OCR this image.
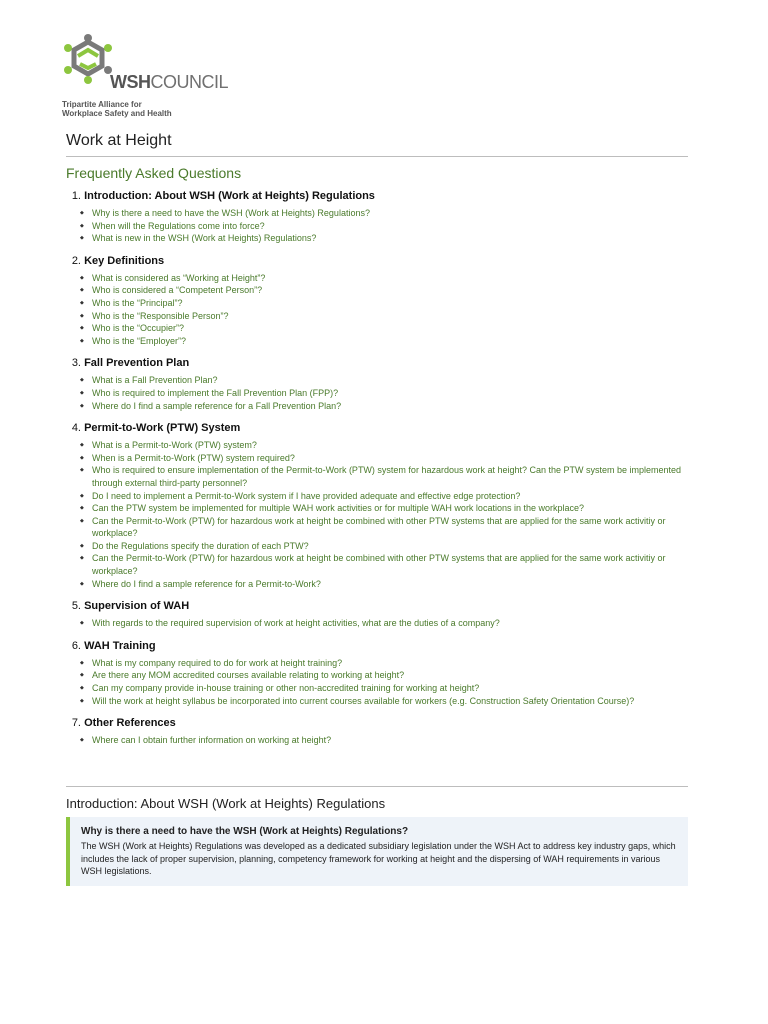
WSHCOUNCIL
Tripartite Alliance for
Workplace Safety and Health
Work at Height
Frequently Asked Questions
1. Introduction: About WSH (Work at Heights) Regulations
◆ Why is there a need to have the WSH (Work at Heights) Regulations?
◆ When will the Regulations come into force?
◆ What is new in the WSH (Work at Heights) Regulations?
2. Key Definitions
◆ What is considered as “Working at Height”?
◆ Who is considered a “Competent Person”?
◆ Who is the “Principal”?
◆ Who is the “Responsible Person”?
◆ Who is the “Occupier”?
◆ Who is the “Employer”?
3. Fall Prevention Plan
◆ What is a Fall Prevention Plan?
◆ Who is required to implement the Fall Prevention Plan (FPP)?
◆ Where do I find a sample reference for a Fall Prevention Plan?
4. Permit-to-Work (PTW) System
◆ What is a Permit-to-Work (PTW) system?
◆ When is a Permit-to-Work (PTW) system required?
◆ Who is required to ensure implementation of the Permit-to-Work (PTW) system for hazardous work at height? Can the PTW system be implemented through external third-party personnel?
◆ Do I need to implement a Permit-to-Work system if I have provided adequate and effective edge protection?
◆ Can the PTW system be implemented for multiple WAH work activities or for multiple WAH work locations in the workplace?
◆ Can the Permit-to-Work (PTW) for hazardous work at height be combined with other PTW systems that are applied for the same work activitiy or workplace?
◆ Do the Regulations specify the duration of each PTW?
◆ Can the Permit-to-Work (PTW) for hazardous work at height be combined with other PTW systems that are applied for the same work activitiy or workplace?
◆ Where do I find a sample reference for a Permit-to-Work?
5. Supervision of WAH
◆ With regards to the required supervision of work at height activities, what are the duties of a company?
6. WAH Training
◆ What is my company required to do for work at height training?
◆ Are there any MOM accredited courses available relating to working at height?
◆ Can my company provide in-house training or other non-accredited training for working at height?
◆ Will the work at height syllabus be incorporated into current courses available for workers (e.g. Construction Safety Orientation Course)?
7. Other References
◆ Where can I obtain further information on working at height?
Introduction: About WSH (Work at Heights) Regulations
Why is there a need to have the WSH (Work at Heights) Regulations?
The WSH (Work at Heights) Regulations was developed as a dedicated subsidiary legislation under the WSH Act to address key industry gaps, which includes the lack of proper supervision, planning, competency framework for working at height and the dispersing of WAH requirements in various WSH legislations.
